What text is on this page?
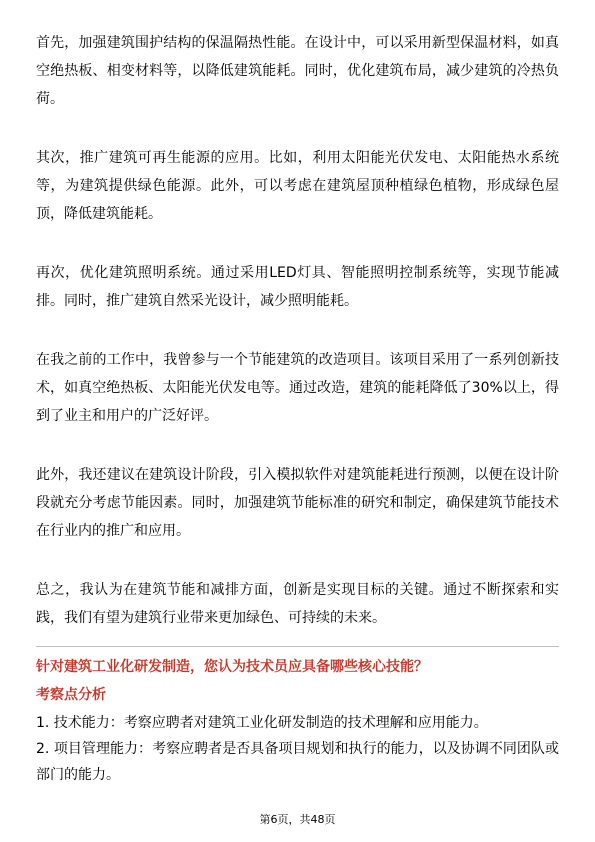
首先，加强建筑围护结构的保温隔热性能。在设计中，可以采用新型保温材料，如真空绝热板、相变材料等，以降低建筑能耗。同时，优化建筑布局，减少建筑的冷热负荷。

其次，推广建筑可再生能源的应用。比如，利用太阳能光伏发电、太阳能热水系统等，为建筑提供绿色能源。此外，可以考虑在建筑屋顶种植绿色植物，形成绿色屋顶，降低建筑能耗。

再次，优化建筑照明系统。通过采用LED灯具、智能照明控制系统等，实现节能减排。同时，推广建筑自然采光设计，减少照明能耗。

在我之前的工作中，我曾参与一个节能建筑的改造项目。该项目采用了一系列创新技术，如真空绝热板、太阳能光伏发电等。通过改造，建筑的能耗降低了30%以上，得到了业主和用户的广泛好评。

此外，我还建议在建筑设计阶段，引入模拟软件对建筑能耗进行预测，以便在设计阶段就充分考虑节能因素。同时，加强建筑节能标准的研究和制定，确保建筑节能技术在行业内的推广和应用。

总之，我认为在建筑节能和减排方面，创新是实现目标的关键。通过不断探索和实践，我们有望为建筑行业带来更加绿色、可持续的未来。

针对建筑工业化研发制造，您认为技术员应具备哪些核心技能？

考察点分析

1. 技术能力：考察应聘者对建筑工业化研发制造的技术理解和应用能力。

2. 项目管理能力：考察应聘者是否具备项目规划和执行的能力，以及协调不同团队或部门的能力。

第6页，共48页
